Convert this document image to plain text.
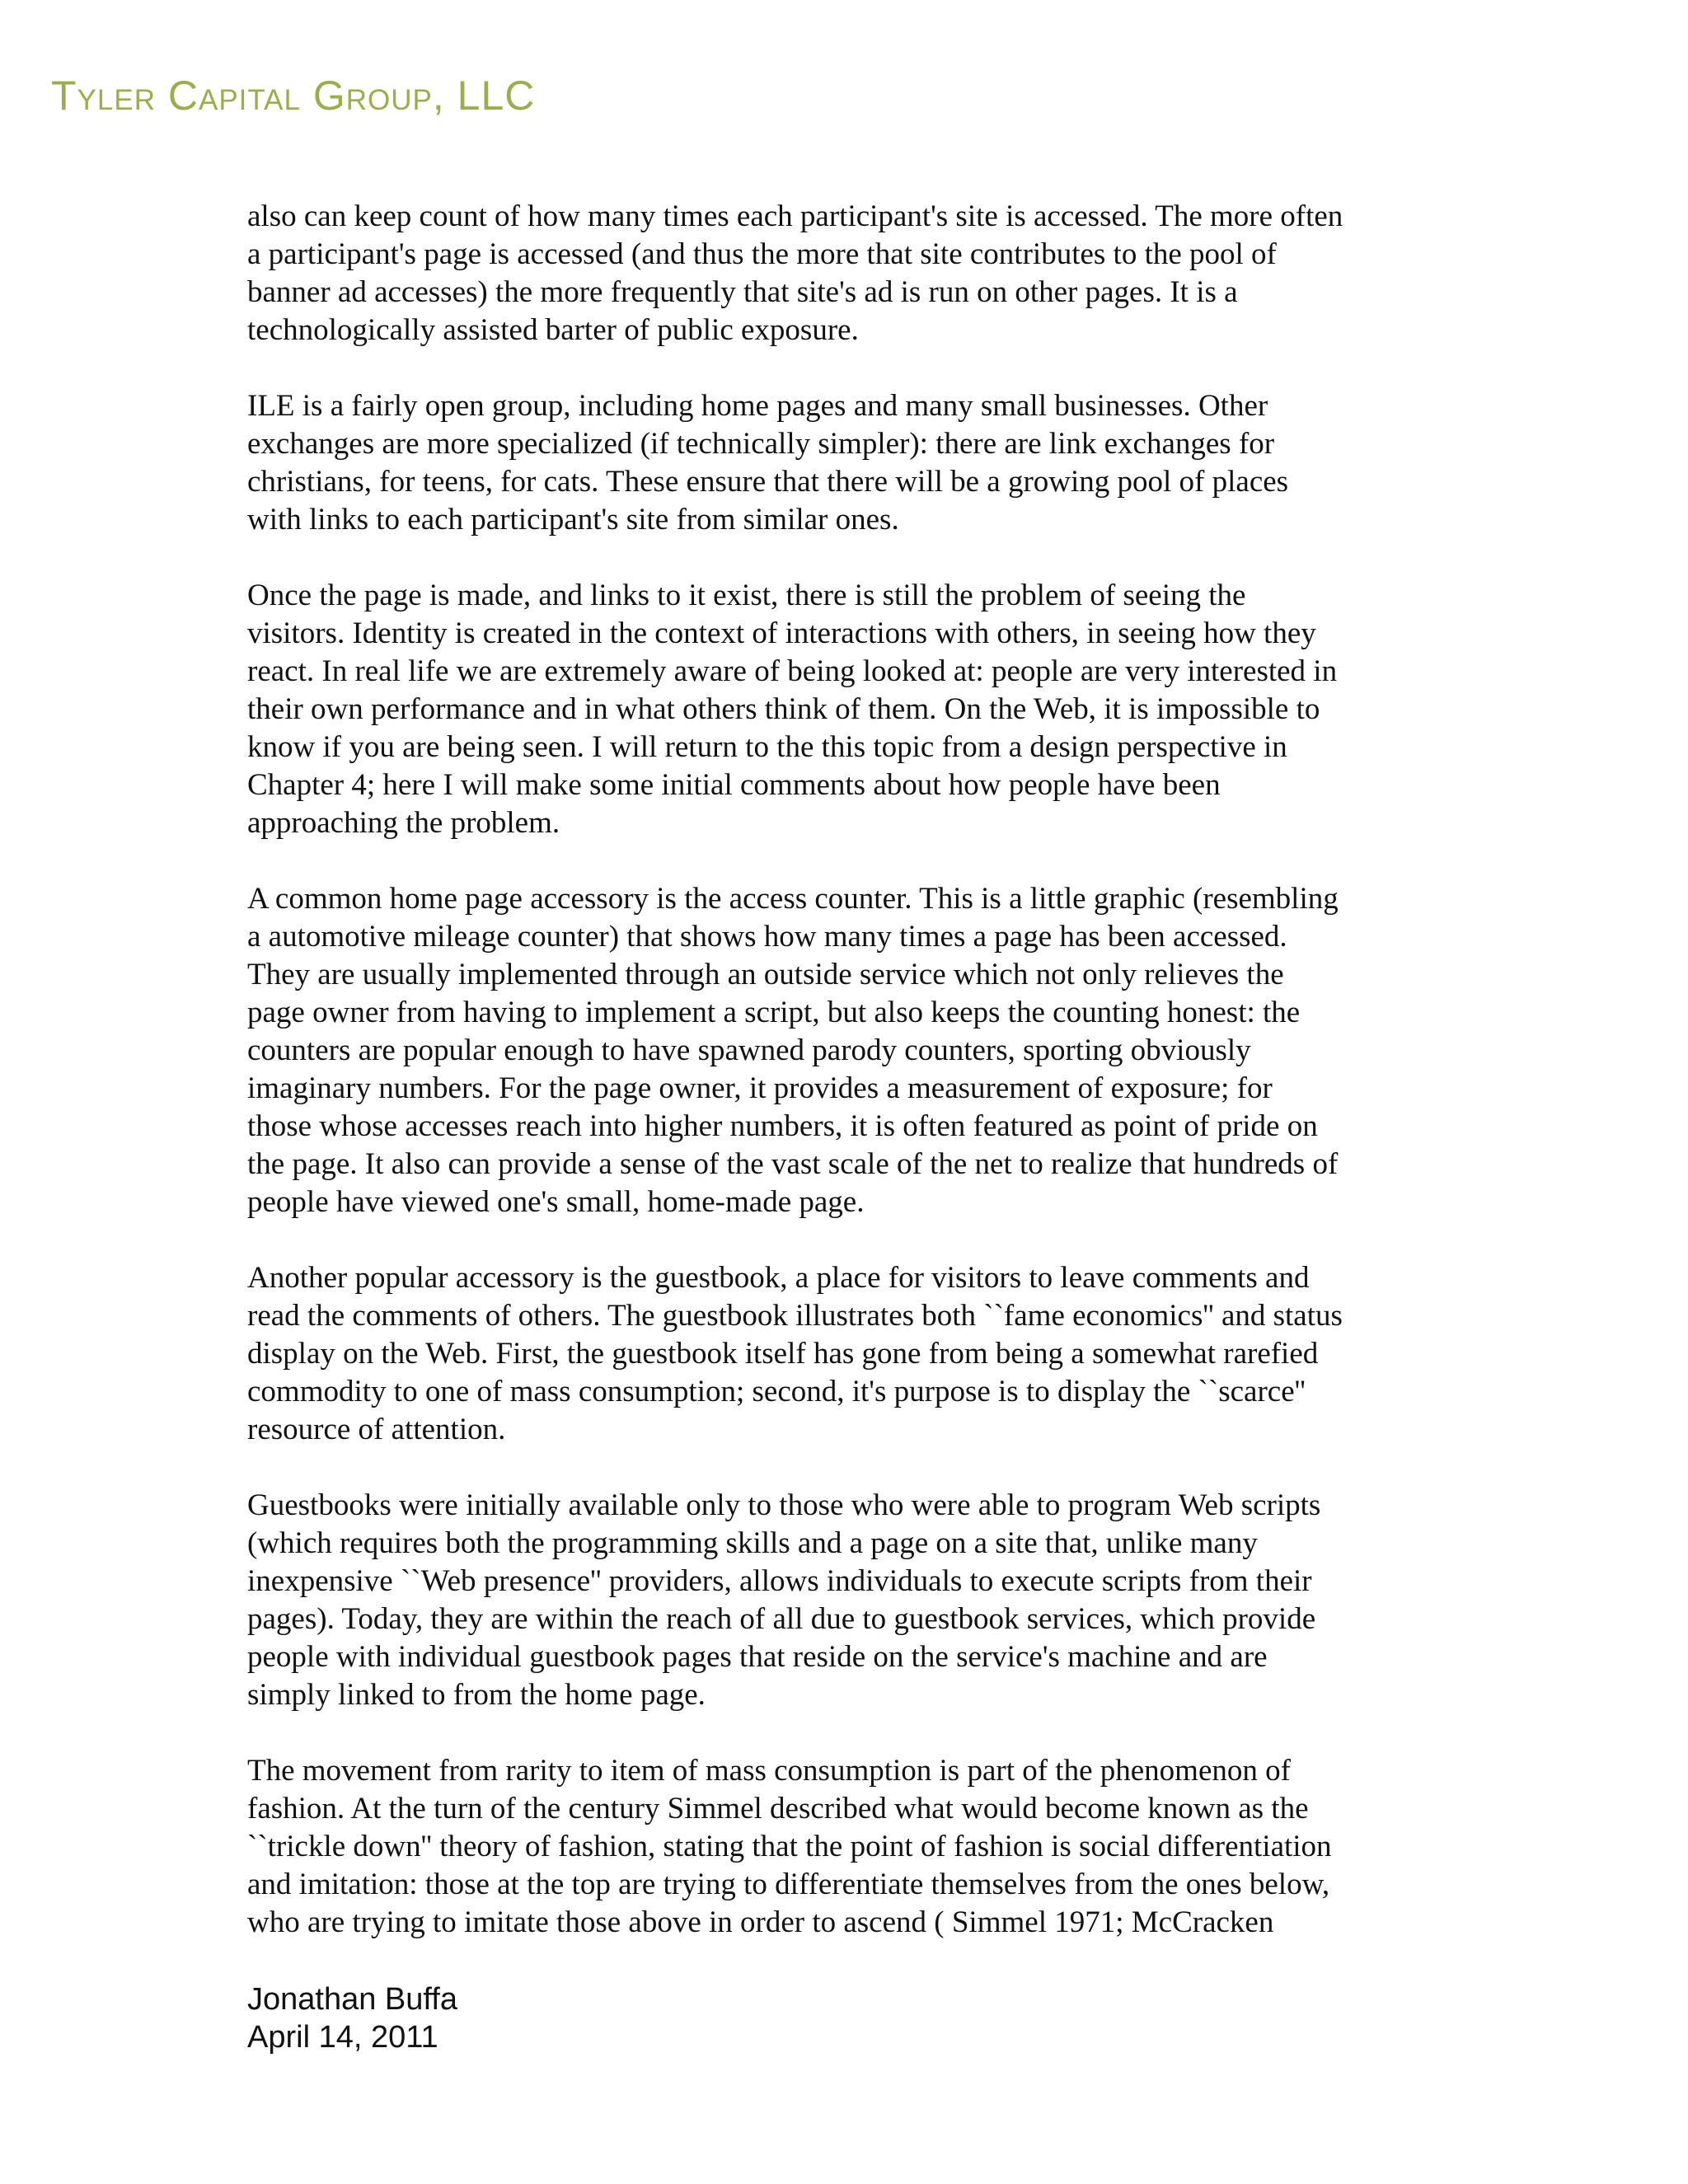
Tyler Capital Group, LLC

also can keep count of how many times each participant's site is accessed. The more often
a participant's page is accessed (and thus the more that site contributes to the pool of
banner ad accesses) the more frequently that site's ad is run on other pages. It is a
technologically assisted barter of public exposure.

ILE is a fairly open group, including home pages and many small businesses. Other
exchanges are more specialized (if technically simpler): there are link exchanges for
christians, for teens, for cats. These ensure that there will be a growing pool of places
with links to each participant's site from similar ones.

Once the page is made, and links to it exist, there is still the problem of seeing the
visitors. Identity is created in the context of interactions with others, in seeing how they
react. In real life we are extremely aware of being looked at: people are very interested in
their own performance and in what others think of them. On the Web, it is impossible to
know if you are being seen. I will return to the this topic from a design perspective in
Chapter 4; here I will make some initial comments about how people have been
approaching the problem.

A common home page accessory is the access counter. This is a little graphic (resembling
a automotive mileage counter) that shows how many times a page has been accessed.
They are usually implemented through an outside service which not only relieves the
page owner from having to implement a script, but also keeps the counting honest: the
counters are popular enough to have spawned parody counters, sporting obviously
imaginary numbers. For the page owner, it provides a measurement of exposure; for
those whose accesses reach into higher numbers, it is often featured as point of pride on
the page. It also can provide a sense of the vast scale of the net to realize that hundreds of
people have viewed one's small, home-made page.

Another popular accessory is the guestbook, a place for visitors to leave comments and
read the comments of others. The guestbook illustrates both ``fame economics'' and status
display on the Web. First, the guestbook itself has gone from being a somewhat rarefied
commodity to one of mass consumption; second, it's purpose is to display the ``scarce''
resource of attention.

Guestbooks were initially available only to those who were able to program Web scripts
(which requires both the programming skills and a page on a site that, unlike many
inexpensive ``Web presence'' providers, allows individuals to execute scripts from their
pages). Today, they are within the reach of all due to guestbook services, which provide
people with individual guestbook pages that reside on the service's machine and are
simply linked to from the home page.

The movement from rarity to item of mass consumption is part of the phenomenon of
fashion. At the turn of the century Simmel described what would become known as the
``trickle down'' theory of fashion, stating that the point of fashion is social differentiation
and imitation: those at the top are trying to differentiate themselves from the ones below,
who are trying to imitate those above in order to ascend ( Simmel 1971; McCracken

Jonathan Buffa
April 14, 2011
